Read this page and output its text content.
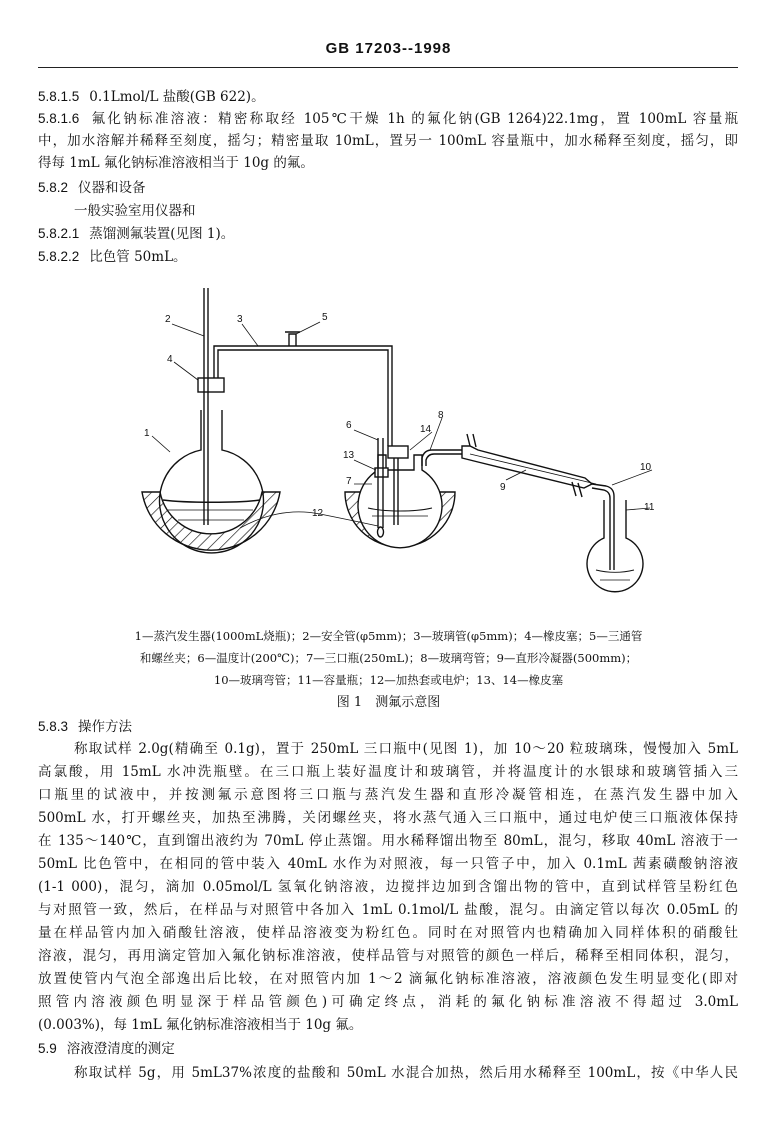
GB 17203--1998
5.8.1.5 0.1Lmol/L 盐酸(GB 622)。
5.8.1.6 氟化钠标准溶液：精密称取经 105℃干燥 1h 的氟化钠(GB 1264)22.1mg，置 100mL 容量瓶
中，加水溶解并稀释至刻度，摇匀；精密量取 10mL，置另一 100mL 容量瓶中，加水稀释至刻度，摇匀，即
得每 1mL 氟化钠标准溶液相当于 10g 的氟。
5.8.2 仪器和设备
一般实验室用仪器和
5.8.2.1 蒸馏测氟装置(见图 1)。
5.8.2.2 比色管 50mL。
2	3	5
4
1
6
13
7
14
8
9
10
11
12
1—蒸汽发生器(1000mL烧瓶)；2—安全管(φ5mm)；3—玻璃管(φ5mm)；4—橡皮塞；5—三通管
和螺丝夹；6—温度计(200℃)；7—三口瓶(250mL)；8—玻璃弯管；9—直形冷凝器(500mm)；
10—玻璃弯管；11—容量瓶；12—加热套或电炉；13、14—橡皮塞
图 1　测氟示意图
5.8.3 操作方法
称取试样 2.0g(精确至 0.1g)，置于 250mL 三口瓶中(见图 1)，加 10～20 粒玻璃珠，慢慢加入 5mL
高氯酸，用 15mL 水冲洗瓶壁。在三口瓶上装好温度计和玻璃管，并将温度计的水银球和玻璃管插入三
口瓶里的试液中，并按测氟示意图将三口瓶与蒸汽发生器和直形冷凝管相连，在蒸汽发生器中加入
500mL 水，打开螺丝夹，加热至沸腾，关闭螺丝夹，将水蒸气通入三口瓶中，通过电炉使三口瓶液体保持
在 135～140℃，直到馏出液约为 70mL 停止蒸馏。用水稀释馏出物至 80mL，混匀，移取 40mL 溶液于一
50mL 比色管中，在相同的管中装入 40mL 水作为对照液，每一只管子中，加入 0.1mL 茜素磺酸钠溶液
(1-1 000)，混匀，滴加 0.05mol/L 氢氧化钠溶液，边搅拌边加到含馏出物的管中，直到试样管呈粉红色
与对照管一致，然后，在样品与对照管中各加入 1mL 0.1mol/L 盐酸，混匀。由滴定管以每次 0.05mL 的
量在样品管内加入硝酸钍溶液，使样品溶液变为粉红色。同时在对照管内也精确加入同样体积的硝酸钍
溶液，混匀，再用滴定管加入氟化钠标准溶液，使样品管与对照管的颜色一样后，稀释至相同体积，混匀，
放置使管内气泡全部逸出后比较，在对照管内加 1～2 滴氟化钠标准溶液，溶液颜色发生明显变化(即对
照管内溶液颜色明显深于样品管颜色)可确定终点，消耗的氟化钠标准溶液不得超过 3.0mL
(0.003%)，每 1mL 氟化钠标准溶液相当于 10g 氟。
5.9 溶液澄清度的测定
称取试样 5g，用 5mL37%浓度的盐酸和 50mL 水混合加热，然后用水稀释至 100mL，按《中华人民
